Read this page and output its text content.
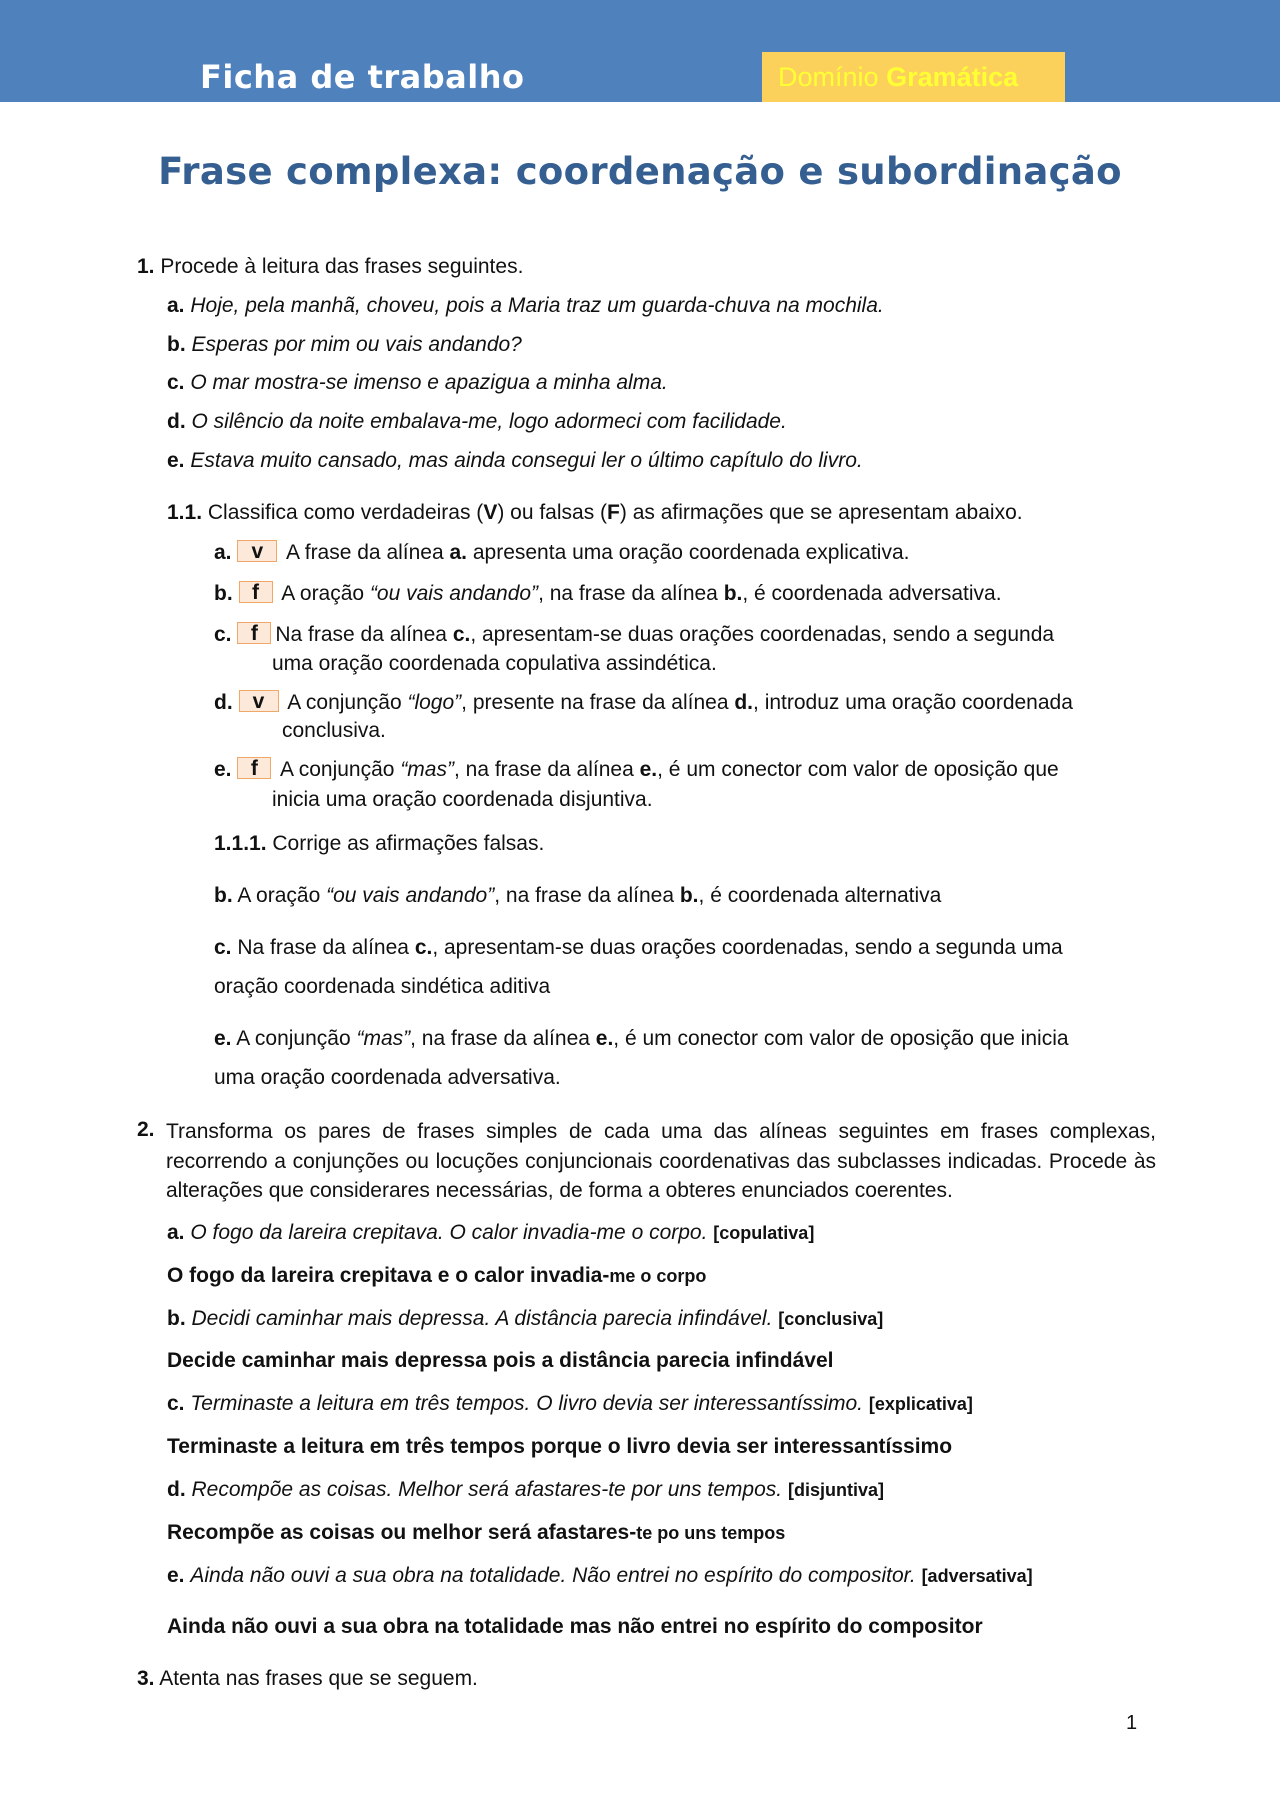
Ficha de trabalho	Domínio Gramática
Frase complexa: coordenação e subordinação
1. Procede à leitura das frases seguintes.
a. Hoje, pela manhã, choveu, pois a Maria traz um guarda-chuva na mochila.
b. Esperas por mim ou vais andando?
c. O mar mostra-se imenso e apazigua a minha alma.
d. O silêncio da noite embalava-me, logo adormeci com facilidade.
e. Estava muito cansado, mas ainda consegui ler o último capítulo do livro.
1.1. Classifica como verdadeiras (V) ou falsas (F) as afirmações que se apresentam abaixo.
a. v A frase da alínea a. apresenta uma oração coordenada explicativa.
b. f A oração “ou vais andando”, na frase da alínea b., é coordenada adversativa.
c. f Na frase da alínea c., apresentam-se duas orações coordenadas, sendo a segunda
uma oração coordenada copulativa assindética.
d. v A conjunção “logo”, presente na frase da alínea d., introduz uma oração coordenada
conclusiva.
e. f A conjunção “mas”, na frase da alínea e., é um conector com valor de oposição que
inicia uma oração coordenada disjuntiva.
1.1.1. Corrige as afirmações falsas.
b. A oração “ou vais andando”, na frase da alínea b., é coordenada alternativa
c. Na frase da alínea c., apresentam-se duas orações coordenadas, sendo a segunda uma
oração coordenada sindética aditiva
e. A conjunção “mas”, na frase da alínea e., é um conector com valor de oposição que inicia
uma oração coordenada adversativa.
2. Transforma os pares de frases simples de cada uma das alíneas seguintes em frases complexas, recorrendo a conjunções ou locuções conjuncionais coordenativas das subclasses indicadas. Procede às alterações que considerares necessárias, de forma a obteres enunciados coerentes.
a. O fogo da lareira crepitava. O calor invadia-me o corpo. [copulativa]
O fogo da lareira crepitava e o calor invadia-me o corpo
b. Decidi caminhar mais depressa. A distância parecia infindável. [conclusiva]
Decide caminhar mais depressa pois a distância parecia infindável
c. Terminaste a leitura em três tempos. O livro devia ser interessantíssimo. [explicativa]
Terminaste a leitura em três tempos porque o livro devia ser interessantíssimo
d. Recompõe as coisas. Melhor será afastares-te por uns tempos. [disjuntiva]
Recompõe as coisas ou melhor será afastares-te po uns tempos
e. Ainda não ouvi a sua obra na totalidade. Não entrei no espírito do compositor. [adversativa]
Ainda não ouvi a sua obra na totalidade mas não entrei no espírito do compositor
3. Atenta nas frases que se seguem.
1
